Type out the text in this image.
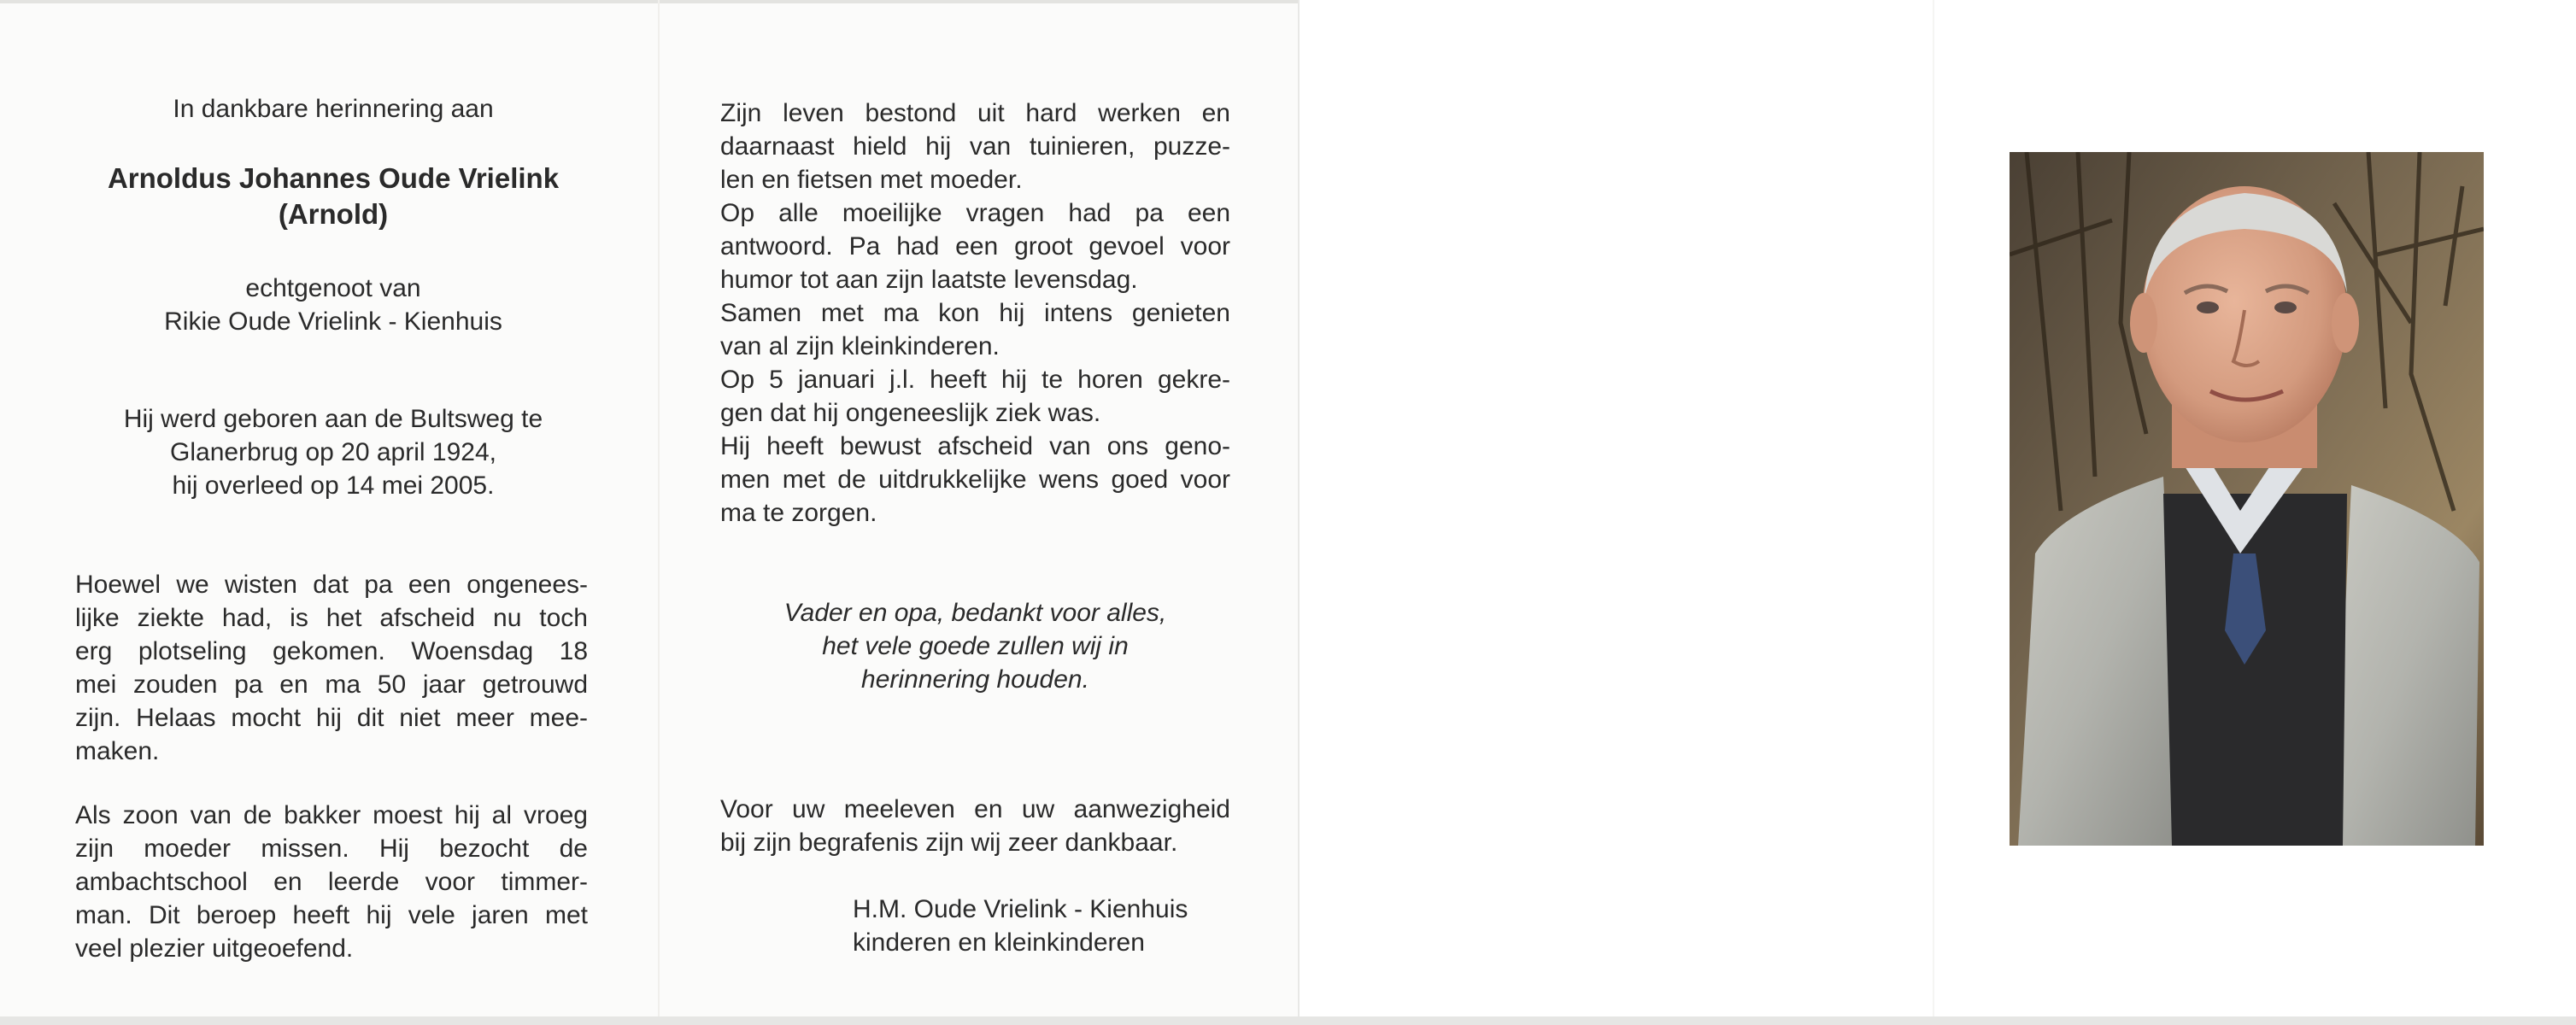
In dankbare herinnering aan
Arnoldus Johannes Oude Vrielink
(Arnold)
echtgenoot van
Rikie Oude Vrielink - Kienhuis
Hij werd geboren aan de Bultsweg te
Glanerbrug op 20 april 1924,
hij overleed op 14 mei 2005.
Hoewel we wisten dat pa een ongenees-
lijke ziekte had, is het afscheid nu toch
erg plotseling gekomen. Woensdag 18
mei zouden pa en ma 50 jaar getrouwd
zijn. Helaas mocht hij dit niet meer mee-
maken.
Als zoon van de bakker moest hij al vroeg
zijn moeder missen. Hij bezocht de
ambachtschool en leerde voor timmer-
man. Dit beroep heeft hij vele jaren met
veel plezier uitgeoefend.
Zijn leven bestond uit hard werken en
daarnaast hield hij van tuinieren, puzze-
len en fietsen met moeder.
Op alle moeilijke vragen had pa een
antwoord. Pa had een groot gevoel voor
humor tot aan zijn laatste levensdag.
Samen met ma kon hij intens genieten
van al zijn kleinkinderen.
Op 5 januari j.l. heeft hij te horen gekre-
gen dat hij ongeneeslijk ziek was.
Hij heeft bewust afscheid van ons geno-
men met de uitdrukkelijke wens goed voor
ma te zorgen.
Vader en opa, bedankt voor alles,
het vele goede zullen wij in
herinnering houden.
Voor uw meeleven en uw aanwezigheid
bij zijn begrafenis zijn wij zeer dankbaar.
H.M. Oude Vrielink - Kienhuis
kinderen en kleinkinderen
